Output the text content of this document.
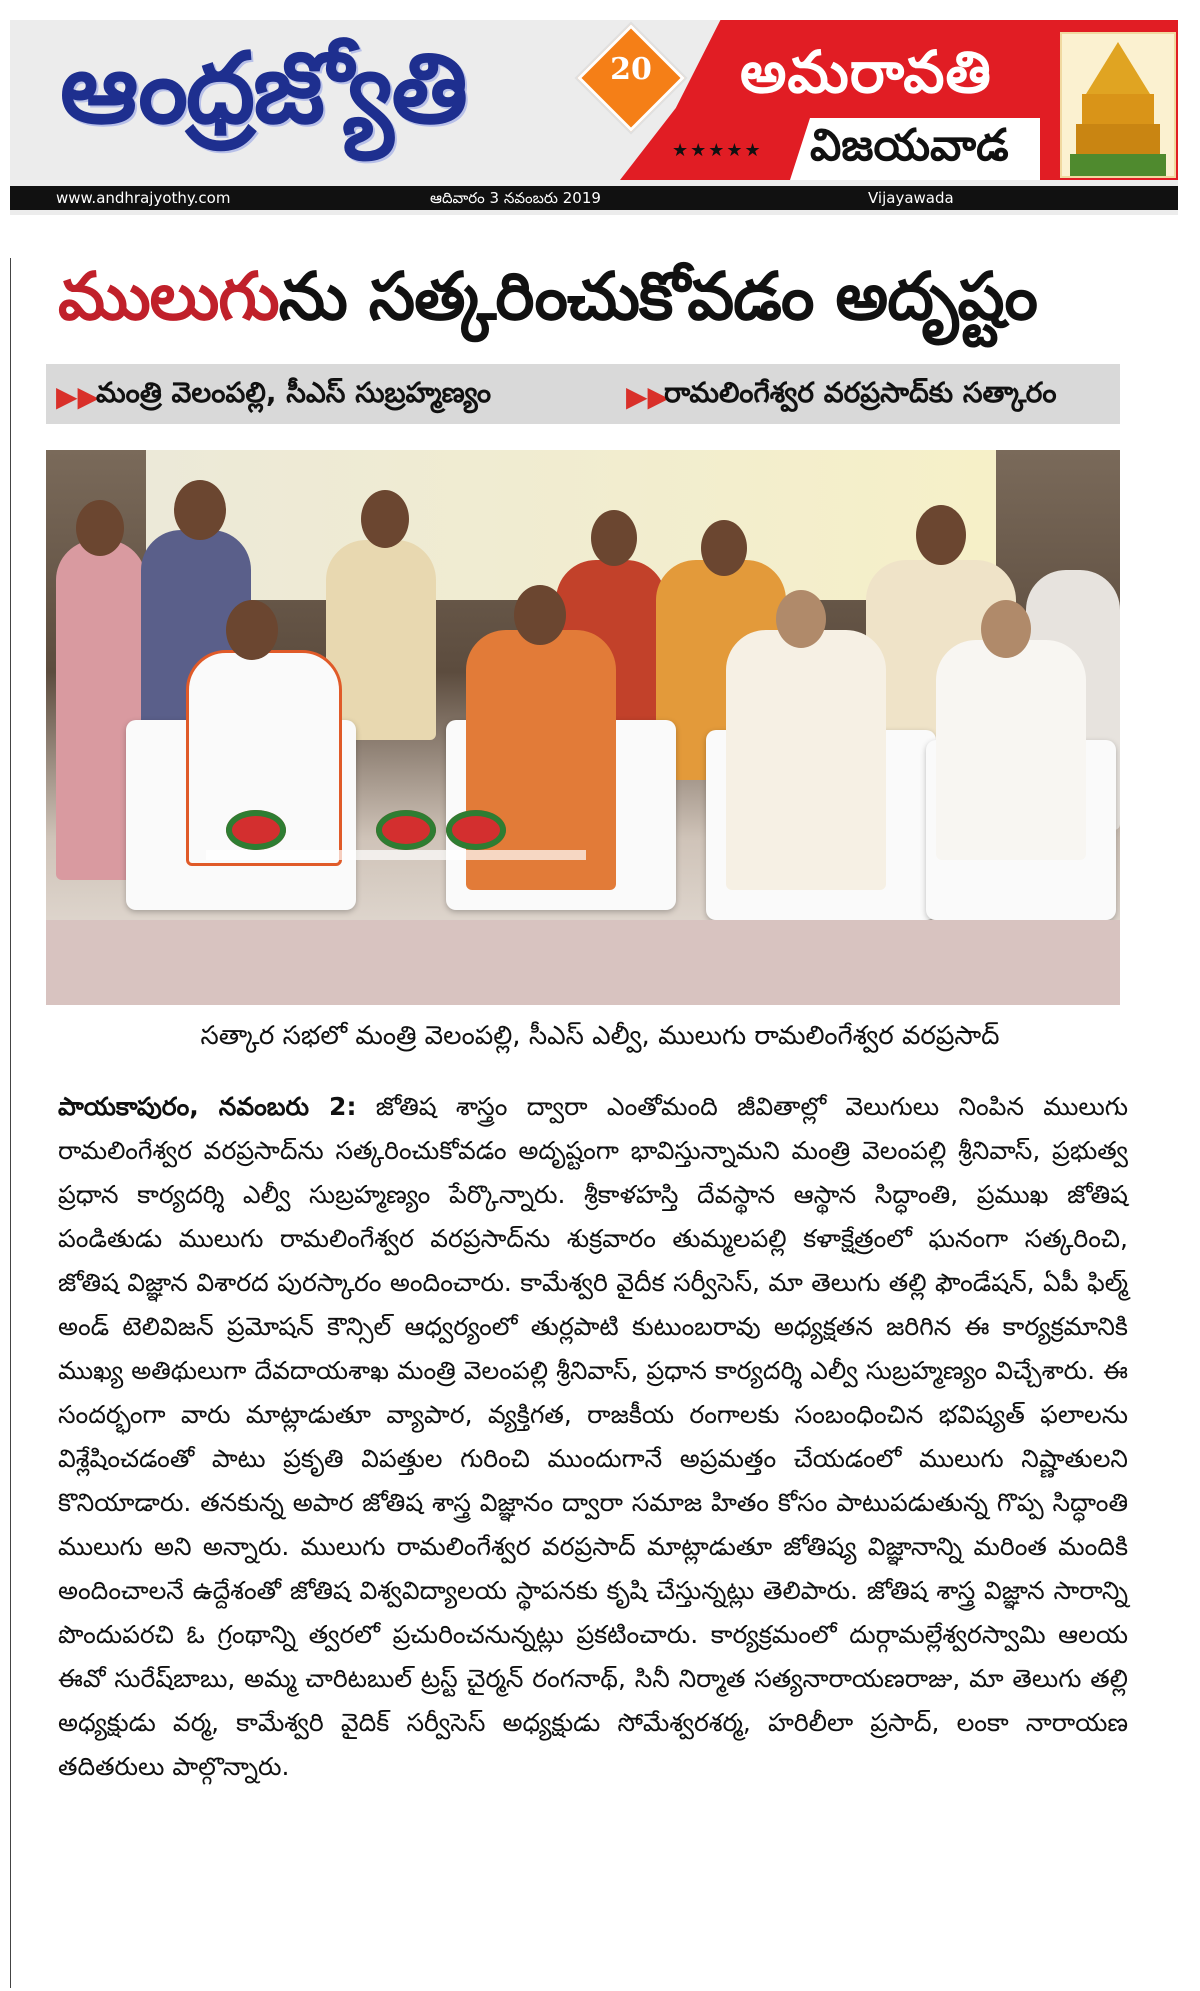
ఆంధ్రజ్యోతి	20 అమరావతి
విజయవాడ
★★★★★
www.andhrajyothy.com	ఆదివారం 3 నవంబరు 2019	Vijayawada
ములుగును సత్కరించుకోవడం అదృష్టం
▶▶
మంత్రి వెలంపల్లి, సీఎస్ సుబ్రహ్మణ్యం	▶▶
రామలింగేశ్వర వరప్రసాద్‌కు సత్కారం
సత్కార సభలో మంత్రి వెలంపల్లి, సీఎస్ ఎల్వీ, ములుగు రామలింగేశ్వర వరప్రసాద్
పాయకాపురం, నవంబరు 2: జోతిష శాస్త్రం ద్వారా ఎంతోమంది జీవితాల్లో వెలుగులు నింపిన ములుగు రామలింగేశ్వర వరప్రసాద్‌ను సత్కరించుకోవడం అదృష్టంగా భావిస్తున్నామని మంత్రి వెలంపల్లి శ్రీనివాస్, ప్రభుత్వ ప్రధాన కార్యదర్శి ఎల్వీ సుబ్రహ్మణ్యం పేర్కొన్నారు. శ్రీకాళహస్తి దేవస్థాన ఆస్థాన సిద్ధాంతి, ప్రముఖ జోతిష పండితుడు ములుగు రామలింగేశ్వర వరప్రసాద్‌ను శుక్రవారం తుమ్మలపల్లి కళాక్షేత్రంలో ఘనంగా సత్కరించి, జోతిష విజ్ఞాన విశారద పురస్కారం అందించారు. కామేశ్వరి వైదీక సర్వీసెస్, మా తెలుగు తల్లి ఫౌండేషన్, ఏపీ ఫిల్మ్ అండ్ టెలివిజన్ ప్రమోషన్ కౌన్సిల్ ఆధ్వర్యంలో తుర్లపాటి కుటుంబరావు అధ్యక్షతన జరిగిన ఈ కార్యక్రమానికి ముఖ్య అతిథులుగా దేవదాయశాఖ మంత్రి వెలంపల్లి శ్రీనివాస్, ప్రధాన కార్యదర్శి ఎల్వీ సుబ్రహ్మణ్యం విచ్చేశారు. ఈ సందర్భంగా వారు మాట్లాడుతూ వ్యాపార, వ్యక్తిగత, రాజకీయ రంగాలకు సంబంధించిన భవిష్యత్ ఫలాలను విశ్లేషించడంతో పాటు ప్రకృతి విపత్తుల గురించి ముందుగానే అప్రమత్తం చేయడంలో ములుగు నిష్ణాతులని కొనియాడారు. తనకున్న అపార జోతిష శాస్త్ర విజ్ఞానం ద్వారా సమాజ హితం కోసం పాటుపడుతున్న గొప్ప సిద్ధాంతి ములుగు అని అన్నారు. ములుగు రామలింగేశ్వర వరప్రసాద్ మాట్లాడుతూ జోతిష్య విజ్ఞానాన్ని మరింత మందికి అందించాలనే ఉద్దేశంతో జోతిష విశ్వవిద్యాలయ స్థాపనకు కృషి చేస్తున్నట్లు తెలిపారు. జోతిష శాస్త్ర విజ్ఞాన సారాన్ని పొందుపరచి ఓ గ్రంథాన్ని త్వరలో ప్రచురించనున్నట్లు ప్రకటించారు. కార్యక్రమంలో దుర్గామల్లేశ్వరస్వామి ఆలయ ఈవో సురేష్‌బాబు, అమ్మ చారిటబుల్ ట్రస్ట్ చైర్మన్ రంగనాథ్, సినీ నిర్మాత సత్యనారాయణరాజు, మా తెలుగు తల్లి అధ్యక్షుడు వర్మ, కామేశ్వరి వైదిక్ సర్వీసెస్ అధ్యక్షుడు సోమేశ్వరశర్మ, హరిలీలా ప్రసాద్, లంకా నారాయణ తదితరులు పాల్గొన్నారు.
